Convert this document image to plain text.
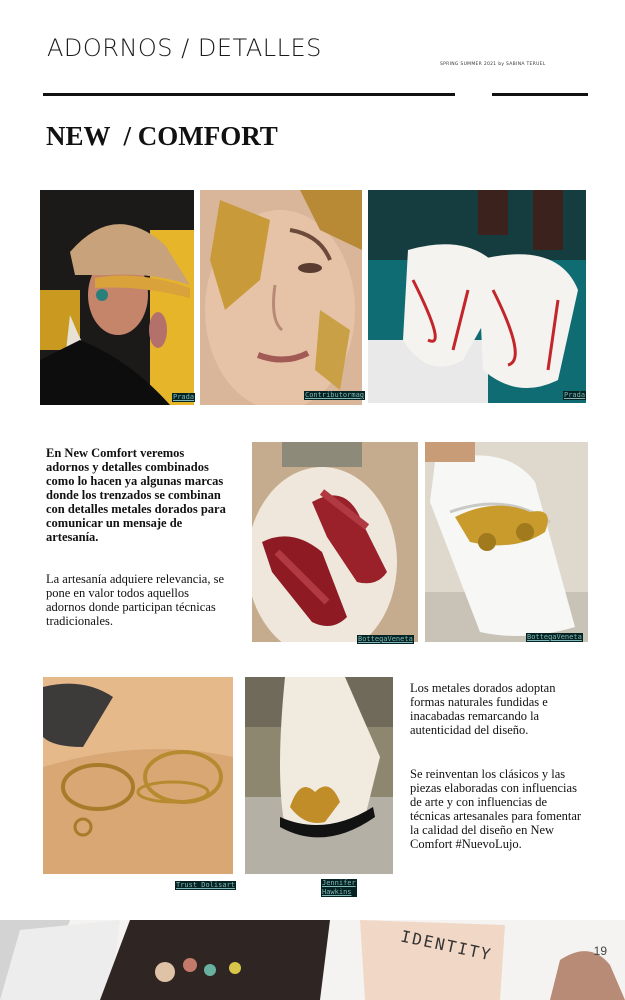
ADORNOS / DETALLES
SPRING SUMMER 2021 by SABINA TERUEL
NEW  / COMFORT
Prada	Contributormag	Prada
En New Comfort veremos adornos y detalles combinados como lo hacen ya algunas marcas donde los trenzados se combinan con detalles metales dorados para comunicar un mensaje de artesanía.
La artesanía adquiere relevancia, se pone en valor todos aquellos adornos donde participan técnicas tradicionales.
BottegaVeneta	BottegaVeneta
Los metales dorados adoptan formas naturales fundidas e inacabadas remarcando la autenticidad del diseño.
Se reinventan los clásicos y las piezas elaboradas con influencias de arte y con influencias de técnicas artesanales para fomentar la calidad del diseño en New Comfort #NuevoLujo.
Trust_Dolisart	Jennifer
Hawkins
IDENTITY	19
